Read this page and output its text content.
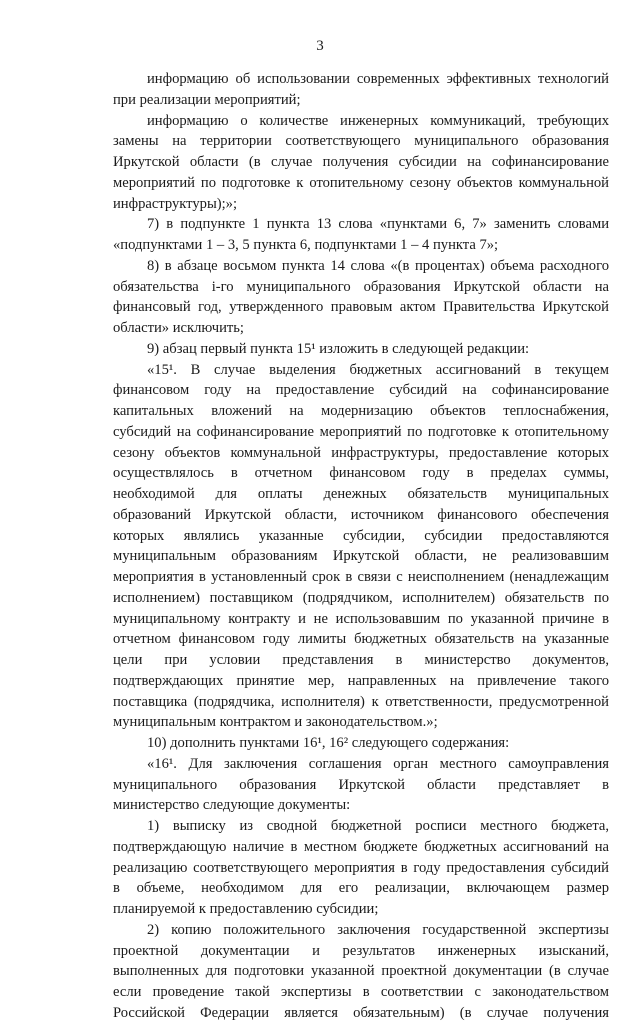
3
информацию об использовании современных эффективных технологий
при реализации мероприятий;
информацию о количестве инженерных коммуникаций, требующих
замены на территории соответствующего муниципального образования
Иркутской области (в случае получения субсидии на софинансирование
мероприятий по подготовке к отопительному сезону объектов коммунальной
инфраструктуры);»;
7) в подпункте 1 пункта 13 слова «пунктами 6, 7» заменить словами
«подпунктами 1 – 3, 5 пункта 6, подпунктами 1 – 4 пункта 7»;
8) в абзаце восьмом пункта 14 слова «(в процентах) объема расходного
обязательства i-го муниципального образования Иркутской области на
финансовый год, утвержденного правовым актом Правительства Иркутской
области» исключить;
9) абзац первый пункта 15¹ изложить в следующей редакции:
«15¹. В случае выделения бюджетных ассигнований в текущем
финансовом году на предоставление субсидий на софинансирование
капитальных вложений на модернизацию объектов теплоснабжения,
субсидий на софинансирование мероприятий по подготовке к отопительному
сезону объектов коммунальной инфраструктуры, предоставление которых
осуществлялось в отчетном финансовом году в пределах суммы,
необходимой для оплаты денежных обязательств муниципальных
образований Иркутской области, источником финансового обеспечения
которых являлись указанные субсидии, субсидии предоставляются
муниципальным образованиям Иркутской области, не реализовавшим
мероприятия в установленный срок в связи с неисполнением (ненадлежащим
исполнением) поставщиком (подрядчиком, исполнителем) обязательств по
муниципальному контракту и не использовавшим по указанной причине в
отчетном финансовом году лимиты бюджетных обязательств на указанные
цели при условии представления в министерство документов,
подтверждающих принятие мер, направленных на привлечение такого
поставщика (подрядчика, исполнителя) к ответственности, предусмотренной
муниципальным контрактом и законодательством.»;
10) дополнить пунктами 16¹, 16² следующего содержания:
«16¹. Для заключения соглашения орган местного самоуправления
муниципального образования Иркутской области представляет в
министерство следующие документы:
1) выписку из сводной бюджетной росписи местного бюджета,
подтверждающую наличие в местном бюджете бюджетных ассигнований на
реализацию соответствующего мероприятия в году предоставления субсидий
в объеме, необходимом для его реализации, включающем размер
планируемой к предоставлению субсидии;
2) копию положительного заключения государственной экспертизы
проектной документации и результатов инженерных изысканий,
выполненных для подготовки указанной проектной документации (в случае
если проведение такой экспертизы в соответствии с законодательством
Российской Федерации является обязательным) (в случае получения
